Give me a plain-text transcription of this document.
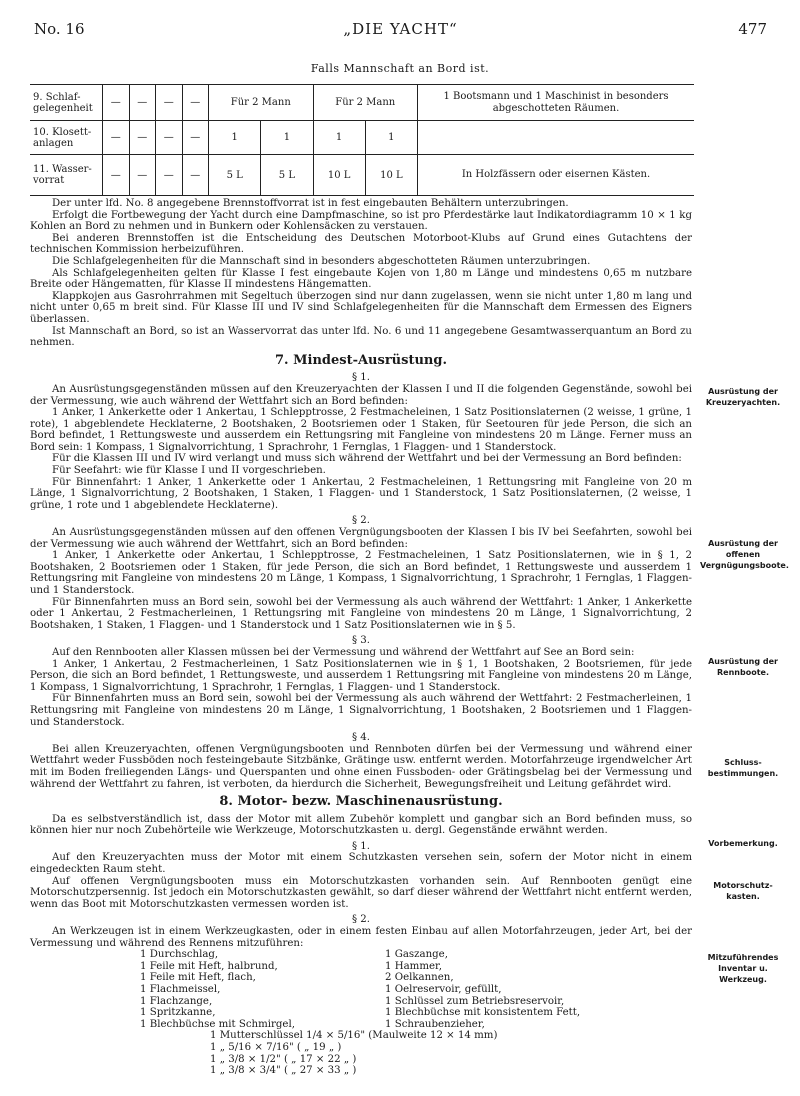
No. 16	„DIE YACHT“	477
Falls Mannschaft an Bord ist.
9. Schlaf-gelegenheit	—	—	—	—	Für 2 Mann		Für 2 Mann		1 Bootsmann und 1 Maschinist in besonders abgeschotteten Räumen.
10. Klosett-anlagen	—	—	—	—	1	1	1	1	
11. Wasser-vorrat	—	—	—	—	5 L	5 L	10 L	10 L	In Holzfässern oder eisernen Kästen.

Der unter lfd. No. 8 angegebene Brennstoffvorrat ist in fest eingebauten Behältern unterzubringen.

Erfolgt die Fortbewegung der Yacht durch eine Dampfmaschine, so ist pro Pferdestärke laut Indikatordiagramm 10 × 1 kg Kohlen an Bord zu nehmen und in Bunkern oder Kohlensäcken zu verstauen.

Bei anderen Brennstoffen ist die Entscheidung des Deutschen Motorboot-Klubs auf Grund eines Gutachtens der technischen Kommission herbeizuführen.

Die Schlafgelegenheiten für die Mannschaft sind in besonders abgeschotteten Räumen unterzubringen.

Als Schlafgelegenheiten gelten für Klasse I fest eingebaute Kojen von 1,80 m Länge und mindestens 0,65 m nutzbare Breite oder Hängematten, für Klasse II mindestens Hängematten.

Klappkojen aus Gasrohrrahmen mit Segeltuch überzogen sind nur dann zugelassen, wenn sie nicht unter 1,80 m lang und nicht unter 0,65 m breit sind. Für Klasse III und IV sind Schlafgelegenheiten für die Mannschaft dem Ermessen des Eigners überlassen.

Ist Mannschaft an Bord, so ist an Wasservorrat das unter lfd. No. 6 und 11 angegebene Gesamtwasserquantum an Bord zu nehmen.

7. Mindest-Ausrüstung.
§ 1.

An Ausrüstungsgegenständen müssen auf den Kreuzeryachten der Klassen I und II die folgenden Gegenstände, sowohl bei der Vermessung, wie auch während der Wettfahrt sich an Bord befinden:

1 Anker, 1 Ankerkette oder 1 Ankertau, 1 Schlepptrosse, 2 Festmacheleinen, 1 Satz Positionslaternen (2 weisse, 1 grüne, 1 rote), 1 abgeblendete Hecklaterne, 2 Bootshaken, 2 Bootsriemen oder 1 Staken, für Seetouren für jede Person, die sich an Bord befindet, 1 Rettungsweste und ausserdem ein Rettungsring mit Fangleine von mindestens 20 m Länge. Ferner muss an Bord sein: 1 Kompass, 1 Signalvorrichtung, 1 Sprachrohr, 1 Fernglas, 1 Flaggen- und 1 Standerstock.

Für die Klassen III und IV wird verlangt und muss sich während der Wettfahrt und bei der Vermessung an Bord befinden:

Für Seefahrt: wie für Klasse I und II vorgeschrieben.

Für Binnenfahrt: 1 Anker, 1 Ankerkette oder 1 Ankertau, 2 Festmacheleinen, 1 Rettungsring mit Fangleine von 20 m Länge, 1 Signalvorrichtung, 2 Bootshaken, 1 Staken, 1 Flaggen- und 1 Standerstock, 1 Satz Positionslaternen, (2 weisse, 1 grüne, 1 rote und 1 abgeblendete Hecklaterne).

§ 2.

An Ausrüstungsgegenständen müssen auf den offenen Vergnügungsbooten der Klassen I bis IV bei Seefahrten, sowohl bei der Vermessung wie auch während der Wettfahrt, sich an Bord befinden:

1 Anker, 1 Ankerkette oder Ankertau, 1 Schlepptrosse, 2 Festmacheleinen, 1 Satz Positionslaternen, wie in § 1, 2 Bootshaken, 2 Bootsriemen oder 1 Staken, für jede Person, die sich an Bord befindet, 1 Rettungsweste und ausserdem 1 Rettungsring mit Fangleine von mindestens 20 m Länge, 1 Kompass, 1 Signalvorrichtung, 1 Sprachrohr, 1 Fernglas, 1 Flaggen- und 1 Standerstock.

Für Binnenfahrten muss an Bord sein, sowohl bei der Vermessung als auch während der Wettfahrt: 1 Anker, 1 Ankerkette oder 1 Ankertau, 2 Festmacherleinen, 1 Rettungsring mit Fangleine von mindestens 20 m Länge, 1 Signalvorrichtung, 2 Bootshaken, 1 Staken, 1 Flaggen- und 1 Standerstock und 1 Satz Positionslaternen wie in § 5.

§ 3.

Auf den Rennbooten aller Klassen müssen bei der Vermessung und während der Wettfahrt auf See an Bord sein:

1 Anker, 1 Ankertau, 2 Festmacherleinen, 1 Satz Positionslaternen wie in § 1, 1 Bootshaken, 2 Bootsriemen, für jede Person, die sich an Bord befindet, 1 Rettungsweste, und ausserdem 1 Rettungsring mit Fangleine von mindestens 20 m Länge, 1 Kompass, 1 Signalvorrichtung, 1 Sprachrohr, 1 Fernglas, 1 Flaggen- und 1 Standerstock.

Für Binnenfahrten muss an Bord sein, sowohl bei der Vermessung als auch während der Wettfahrt: 2 Festmacherleinen, 1 Rettungsring mit Fangleine von mindestens 20 m Länge, 1 Signalvorrichtung, 1 Bootshaken, 2 Bootsriemen und 1 Flaggen- und Standerstock.

§ 4.

Bei allen Kreuzeryachten, offenen Vergnügungsbooten und Rennboten dürfen bei der Vermessung und während einer Wettfahrt weder Fussböden noch festeingebaute Sitzbänke, Grätinge usw. entfernt werden. Motorfahrzeuge irgendwelcher Art mit im Boden freiliegenden Längs- und Querspanten und ohne einen Fussboden- oder Grätingsbelag bei der Vermessung und während der Wettfahrt zu fahren, ist verboten, da hierdurch die Sicherheit, Bewegungsfreiheit und Leitung gefährdet wird.

8. Motor- bezw. Maschinenausrüstung.

Da es selbstverständlich ist, dass der Motor mit allem Zubehör komplett und gangbar sich an Bord befinden muss, so können hier nur noch Zubehörteile wie Werkzeuge, Motorschutzkasten u. dergl. Gegenstände erwähnt werden.

§ 1.

Auf den Kreuzeryachten muss der Motor mit einem Schutzkasten versehen sein, sofern der Motor nicht in einem eingedeckten Raum steht.

Auf offenen Vergnügungsbooten muss ein Motorschutzkasten vorhanden sein. Auf Rennbooten genügt eine Motorschutzpersennig. Ist jedoch ein Motorschutzkasten gewählt, so darf dieser während der Wettfahrt nicht entfernt werden, wenn das Boot mit Motorschutzkasten vermessen worden ist.

§ 2.

An Werkzeugen ist in einem Werkzeugkasten, oder in einem festen Einbau auf allen Motorfahrzeugen, jeder Art, bei der Vermessung und während des Rennens mitzuführen:

1 Durchschlag,
1 Feile mit Heft, halbrund,
1 Feile mit Heft, flach,
1 Flachmeissel,
1 Flachzange,
1 Spritzkanne,
1 Blechbüchse mit Schmirgel,
1 Gaszange,
1 Hammer,
2 Oelkannen,
1 Oelreservoir, gefüllt,
1 Schlüssel zum Betriebsreservoir,
1 Blechbüchse mit konsistentem Fett,
1 Schraubenzieher,
1 Mutterschlüssel 1/4 × 5/16" (Maulweite 12 × 14 mm)
1 „ 5/16 × 7/16" ( „ 19 „ )
1 „ 3/8 × 1/2" ( „ 17 × 22 „ )
1 „ 3/8 × 3/4" ( „ 27 × 33 „ )
Ausrüstung der Kreuzeryachten.
Ausrüstung der offenen Vergnügungsboote.
Ausrüstung der Rennboote.
Schluss-bestimmungen.
Vorbemerkung.
Motorschutz-kasten.
Mitzuführendes Inventar u. Werkzeug.
